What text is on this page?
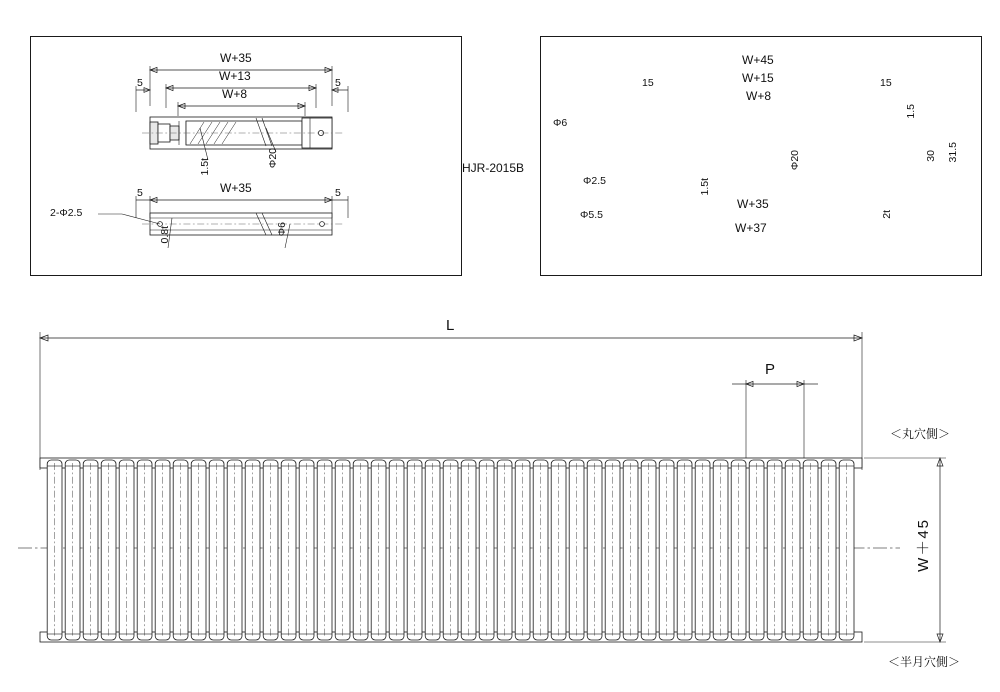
W+35
W+13
W+8
5	5
1.5t	Φ20
W+35
5	5
2-Φ2.5
0.8t	Φ6
HJR-2015B
W+45
W+15
W+8
15	15
1.5
30 31.5
W+35
W+37
2t
Φ6
Φ2.5
Φ5.5
1.5t
Φ20
L
P
W＋45
＜丸穴側＞
＜半月穴側＞
